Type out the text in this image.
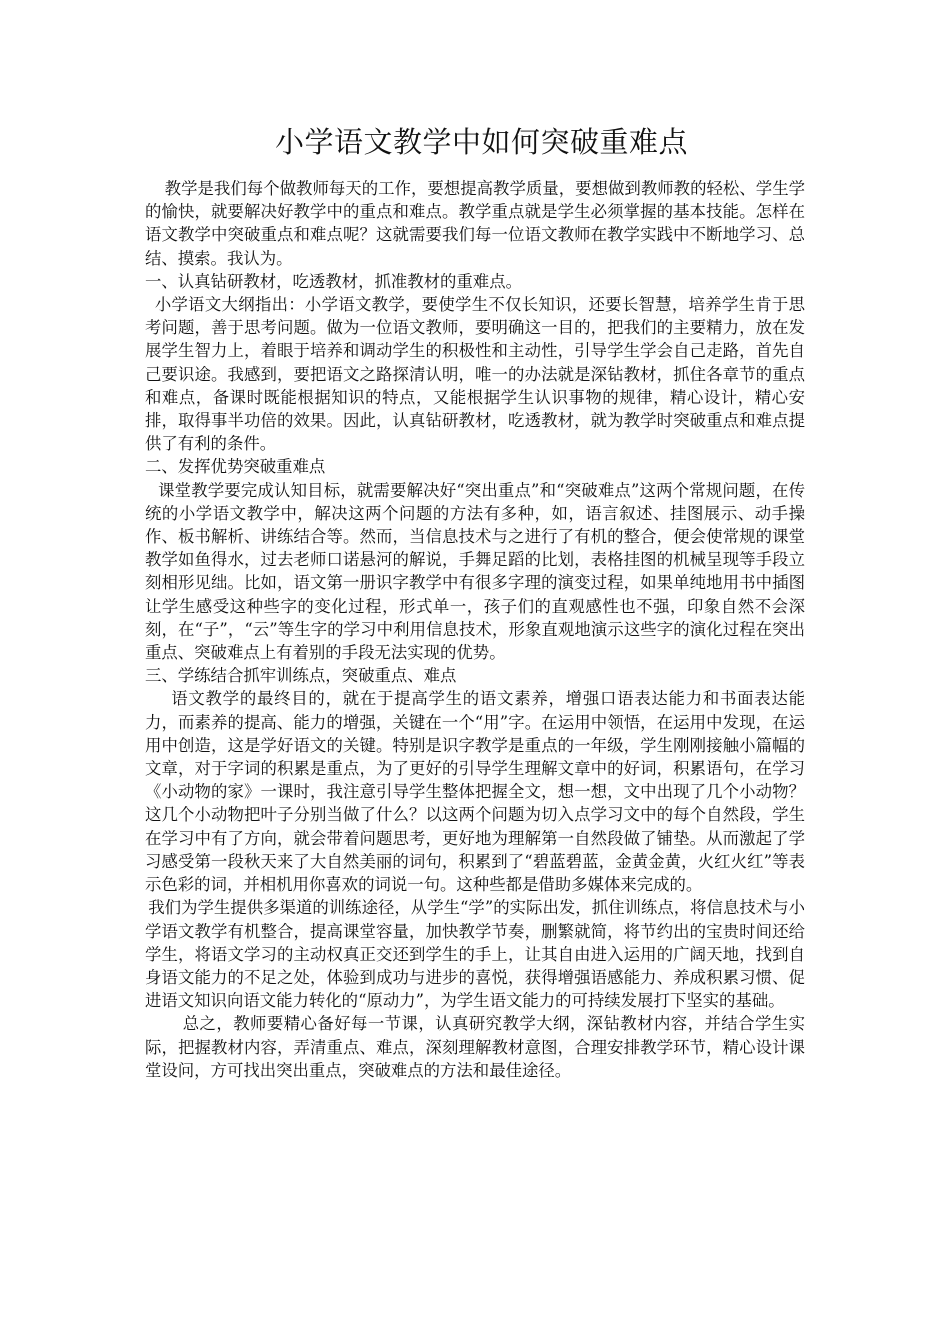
小学语文教学中如何突破重难点

教学是我们每个做教师每天的工作，要想提高教学质量，要想做到教师教的轻松、学生学的愉快，就要解决好教学中的重点和难点。教学重点就是学生必须掌握的基本技能。怎样在语文教学中突破重点和难点呢？这就需要我们每一位语文教师在教学实践中不断地学习、总结、摸索。我认为。

一、认真钻研教材，吃透教材，抓准教材的重难点。

小学语文大纲指出：小学语文教学，要使学生不仅长知识，还要长智慧，培养学生肯于思考问题，善于思考问题。做为一位语文教师，要明确这一目的，把我们的主要精力，放在发展学生智力上，着眼于培养和调动学生的积极性和主动性，引导学生学会自己走路，首先自己要识途。我感到，要把语文之路探清认明，唯一的办法就是深钻教材，抓住各章节的重点和难点，备课时既能根据知识的特点，又能根据学生认识事物的规律，精心设计，精心安排，取得事半功倍的效果。因此，认真钻研教材，吃透教材，就为教学时突破重点和难点提供了有利的条件。

二、发挥优势突破重难点

课堂教学要完成认知目标，就需要解决好“突出重点”和“突破难点”这两个常规问题，在传统的小学语文教学中，解决这两个问题的方法有多种，如，语言叙述、挂图展示、动手操作、板书解析、讲练结合等。然而，当信息技术与之进行了有机的整合，便会使常规的课堂教学如鱼得水，过去老师口诺悬河的解说，手舞足蹈的比划，表格挂图的机械呈现等手段立刻相形见绌。比如，语文第一册识字教学中有很多字理的演变过程，如果单纯地用书中插图让学生感受这种些字的变化过程，形式单一，孩子们的直观感性也不强，印象自然不会深刻，在“子”，“云”等生字的学习中利用信息技术，形象直观地演示这些字的演化过程在突出重点、突破难点上有着别的手段无法实现的优势。

三、学练结合抓牢训练点，突破重点、难点

语文教学的最终目的，就在于提高学生的语文素养，增强口语表达能力和书面表达能力，而素养的提高、能力的增强，关键在一个“用”字。在运用中领悟，在运用中发现，在运用中创造，这是学好语文的关键。特别是识字教学是重点的一年级，学生刚刚接触小篇幅的文章，对于字词的积累是重点，为了更好的引导学生理解文章中的好词，积累语句，在学习《小动物的家》一课时，我注意引导学生整体把握全文，想一想，文中出现了几个小动物？这几个小动物把叶子分别当做了什么？以这两个问题为切入点学习文中的每个自然段，学生在学习中有了方向，就会带着问题思考，更好地为理解第一自然段做了铺垫。从而激起了学习感受第一段秋天来了大自然美丽的词句，积累到了“碧蓝碧蓝，金黄金黄，火红火红”等表示色彩的词，并相机用你喜欢的词说一句。这种些都是借助多媒体来完成的。

我们为学生提供多渠道的训练途径，从学生“学”的实际出发，抓住训练点，将信息技术与小学语文教学有机整合，提高课堂容量，加快教学节奏，删繁就简，将节约出的宝贵时间还给学生，将语文学习的主动权真正交还到学生的手上，让其自由进入运用的广阔天地，找到自身语文能力的不足之处，体验到成功与进步的喜悦，获得增强语感能力、养成积累习惯、促进语文知识向语文能力转化的“原动力”，为学生语文能力的可持续发展打下坚实的基础。

总之，教师要精心备好每一节课，认真研究教学大纲，深钻教材内容，并结合学生实际，把握教材内容，弄清重点、难点，深刻理解教材意图，合理安排教学环节，精心设计课堂设问，方可找出突出重点，突破难点的方法和最佳途径。
